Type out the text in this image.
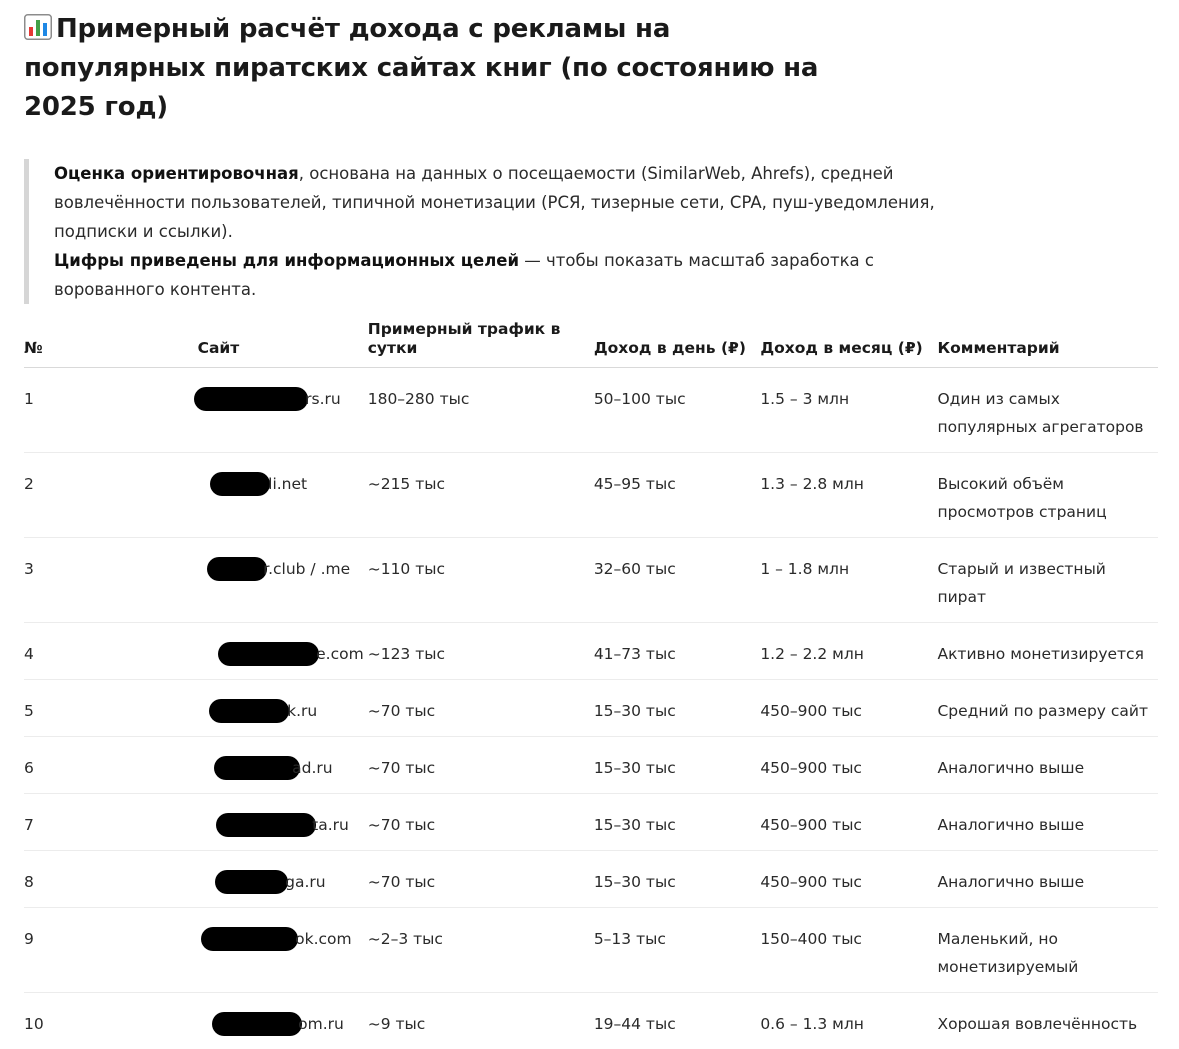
Примерный расчёт дохода с рекламы на популярных пиратских сайтах книг (по состоянию на 2025 год)
Оценка ориентировочная, основана на данных о посещаемости (SimilarWeb, Ahrefs), средней вовлечённости пользователей, типичной монетизации (РСЯ, тизерные сети, CPA, пуш-уведомления, подписки и ссылки).
Цифры приведены для информационных целей — чтобы показать масштаб заработка с ворованного контента.
№	Сайт	Примерный трафик в сутки	Доход в день (₽)	Доход в месяц (₽)	Комментарий
1	rs.ru	180–280 тыс	50–100 тыс	1.5 – 3 млн	Один из самых популярных агрегаторов
2	li.net	~215 тыс	45–95 тыс	1.3 – 2.8 млн	Высокий объём просмотров страниц
3	r.club / .me	~110 тыс	32–60 тыс	1 – 1.8 млн	Старый и известный пират
4	e.com	~123 тыс	41–73 тыс	1.2 – 2.2 млн	Активно монетизируется
5	k.ru	~70 тыс	15–30 тыс	450–900 тыс	Средний по размеру сайт
6	ad.ru	~70 тыс	15–30 тыс	450–900 тыс	Аналогично выше
7	ta.ru	~70 тыс	15–30 тыс	450–900 тыс	Аналогично выше
8	ga.ru	~70 тыс	15–30 тыс	450–900 тыс	Аналогично выше
9	ok.com	~2–3 тыс	5–13 тыс	150–400 тыс	Маленький, но монетизируемый
10	om.ru	~9 тыс	19–44 тыс	0.6 – 1.3 млн	Хорошая вовлечённость
